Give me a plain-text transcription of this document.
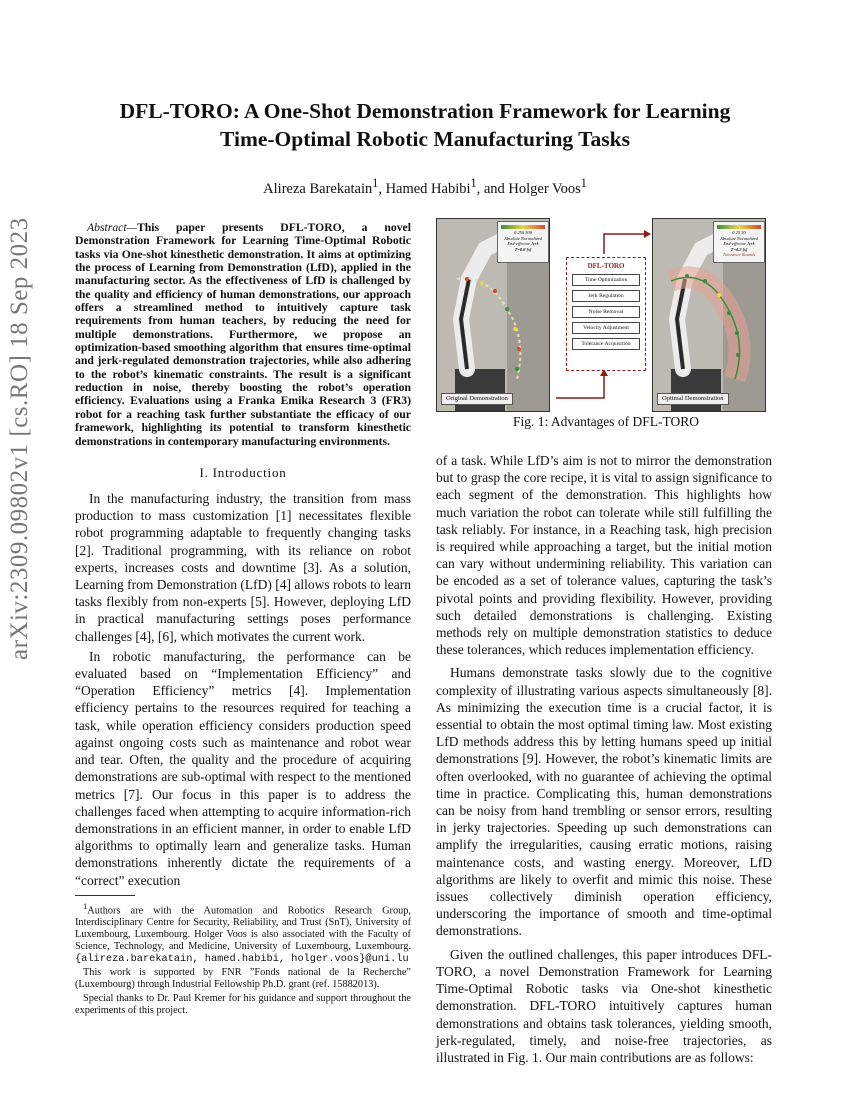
arXiv:2309.09802v1 [cs.RO] 18 Sep 2023
DFL-TORO: A One-Shot Demonstration Framework for Learning
Time-Optimal Robotic Manufacturing Tasks
Alireza Barekatain$^1$, Hamed Habibi$^1$, and Holger Voos$^1$

Abstract—This paper presents DFL-TORO, a novel Demonstration Framework for Learning Time-Optimal Robotic tasks via One-shot kinesthetic demonstration. It aims at optimizing the process of Learning from Demonstration (LfD), applied in the manufacturing sector. As the effectiveness of LfD is challenged by the quality and efficiency of human demonstrations, our approach offers a streamlined method to intuitively capture task requirements from human teachers, by reducing the need for multiple demonstrations. Furthermore, we propose an optimization-based smoothing algorithm that ensures time-optimal and jerk-regulated demonstration trajectories, while also adhering to the robot’s kinematic constraints. The result is a significant reduction in noise, thereby boosting the robot’s operation efficiency. Evaluations using a Franka Emika Research 3 (FR3) robot for a reaching task further substantiate the efficacy of our framework, highlighting its potential to transform kinesthetic demonstrations in contemporary manufacturing environments.

I. Introduction

In the manufacturing industry, the transition from mass production to mass customization [1] necessitates flexible robot programming adaptable to frequently changing tasks [2]. Traditional programming, with its reliance on robot experts, increases costs and downtime [3]. As a solution, Learning from Demonstration (LfD) [4] allows robots to learn tasks flexibly from non-experts [5]. However, deploying LfD in practical manufacturing settings poses performance challenges [4], [6], which motivates the current work.

In robotic manufacturing, the performance can be evaluated based on “Implementation Efficiency” and “Operation Efficiency” metrics [4]. Implementation efficiency pertains to the resources required for teaching a task, while operation efficiency considers production speed against ongoing costs such as maintenance and robot wear and tear. Often, the quality and the procedure of acquiring demonstrations are sub-optimal with respect to the mentioned metrics [7]. Our focus in this paper is to address the challenges faced when attempting to acquire information-rich demonstrations in an efficient manner, in order to enable LfD algorithms to optimally learn and generalize tasks. Human demonstrations inherently dictate the requirements of a “correct” execution

$^1$Authors are with the Automation and Robotics Research Group, Interdisciplinary Centre for Security, Reliability, and Trust (SnT), University of Luxembourg, Luxembourg. Holger Voos is also associated with the Faculty of Science, Technology, and Medicine, University of Luxembourg, Luxembourg. {alireza.barekatain, hamed.habibi, holger.voos}@uni.lu

This work is supported by FNR ”Fonds national de la Recherche” (Luxembourg) through Industrial Fellowship Ph.D. grant (ref. 15882013).

Special thanks to Dr. Paul Kremer for his guidance and support throughout the experiments of this project.

0 250 500
Absolute Normalized
End-effector Jerk
T=8.8 [s]
Original Demonstration
DFL-TORO
Time Optimization
Jerk Regulation
Noise Removal
Velocity Adjustment
Tolerance Acquisition
0 25 50
Absolute Normalized
End-effector Jerk
T=4.2 [s]
Tolerance Bounds
Optimal Demonstration
Fig. 1: Advantages of DFL-TORO

of a task. While LfD’s aim is not to mirror the demonstration but to grasp the core recipe, it is vital to assign significance to each segment of the demonstration. This highlights how much variation the robot can tolerate while still fulfilling the task reliably. For instance, in a Reaching task, high precision is required while approaching a target, but the initial motion can vary without undermining reliability. This variation can be encoded as a set of tolerance values, capturing the task’s pivotal points and providing flexibility. However, providing such detailed demonstrations is challenging. Existing methods rely on multiple demonstration statistics to deduce these tolerances, which reduces implementation efficiency.

Humans demonstrate tasks slowly due to the cognitive complexity of illustrating various aspects simultaneously [8]. As minimizing the execution time is a crucial factor, it is essential to obtain the most optimal timing law. Most existing LfD methods address this by letting humans speed up initial demonstrations [9]. However, the robot’s kinematic limits are often overlooked, with no guarantee of achieving the optimal time in practice. Complicating this, human demonstrations can be noisy from hand trembling or sensor errors, resulting in jerky trajectories. Speeding up such demonstrations can amplify the irregularities, causing erratic motions, raising maintenance costs, and wasting energy. Moreover, LfD algorithms are likely to overfit and mimic this noise. These issues collectively diminish operation efficiency, underscoring the importance of smooth and time-optimal demonstrations.

Given the outlined challenges, this paper introduces DFL-TORO, a novel Demonstration Framework for Learning Time-Optimal Robotic tasks via One-shot kinesthetic demonstration. DFL-TORO intuitively captures human demonstrations and obtains task tolerances, yielding smooth, jerk-regulated, timely, and noise-free trajectories, as illustrated in Fig. 1. Our main contributions are as follows:
